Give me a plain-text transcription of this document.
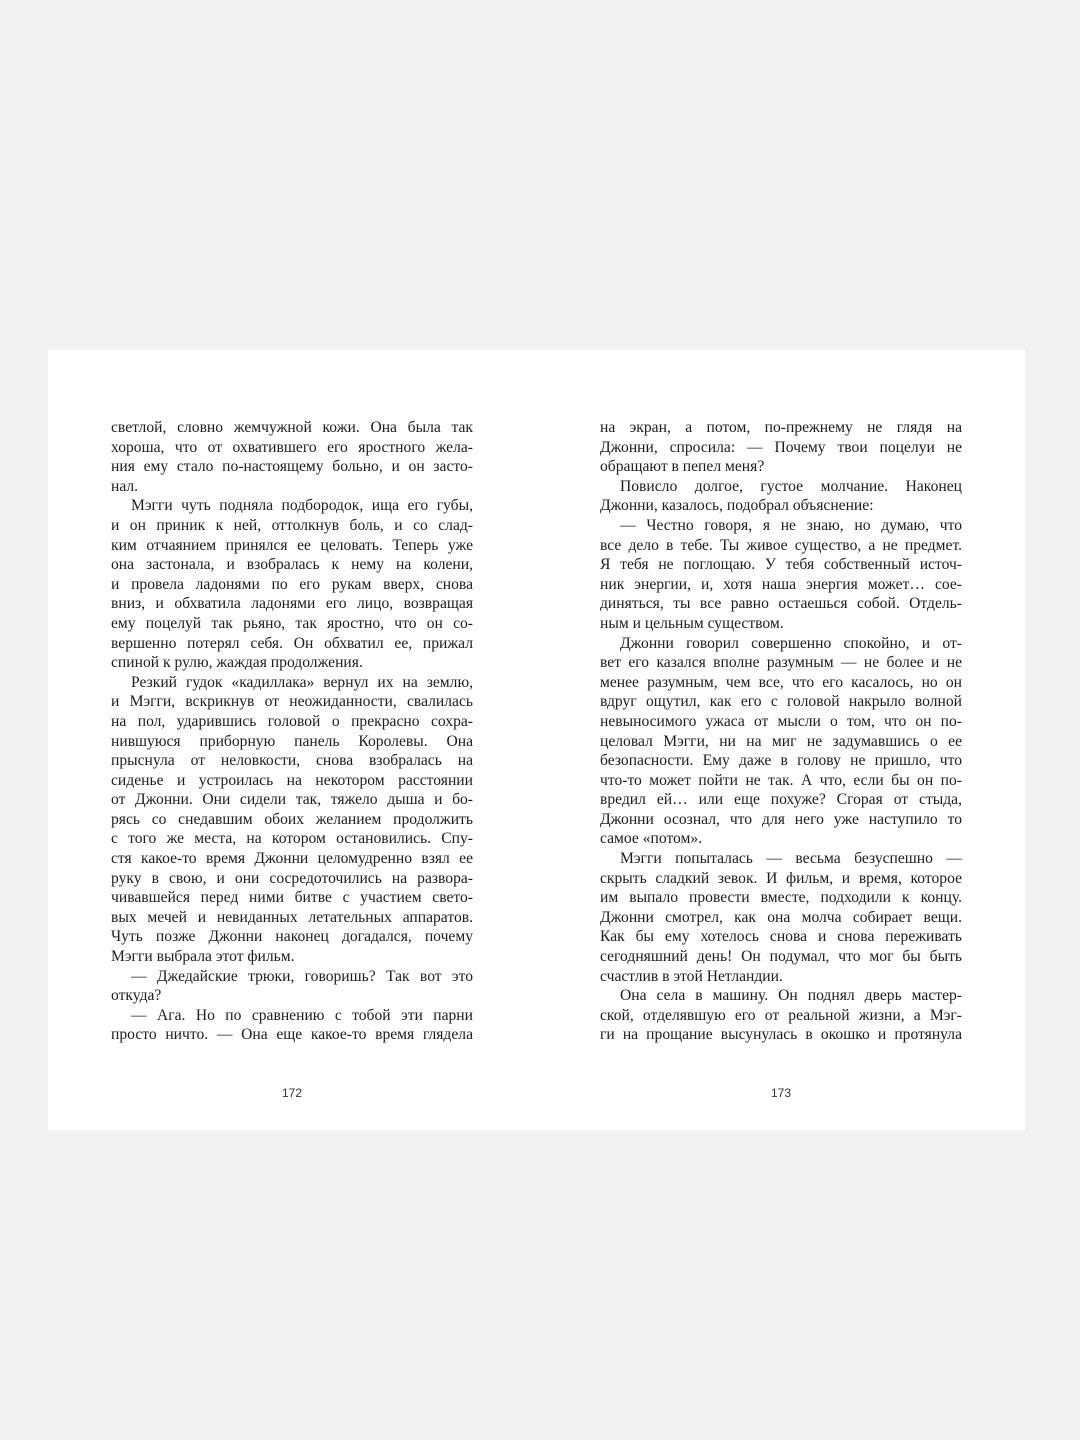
светлой, словно жемчужной кожи. Она была так
хороша, что от охватившего его яростного жела-
ния ему стало по-настоящему больно, и он засто-
нал.
Мэгги чуть подняла подбородок, ища его губы,
и он приник к ней, оттолкнув боль, и со слад-
ким отчаянием принялся ее целовать. Теперь уже
она застонала, и взобралась к нему на колени,
и провела ладонями по его рукам вверх, снова
вниз, и обхватила ладонями его лицо, возвращая
ему поцелуй так рьяно, так яростно, что он со-
вершенно потерял себя. Он обхватил ее, прижал
спиной к рулю, жаждая продолжения.
Резкий гудок «кадиллака» вернул их на землю,
и Мэгги, вскрикнув от неожиданности, свалилась
на пол, ударившись головой о прекрасно сохра-
нившуюся приборную панель Королевы. Она
прыснула от неловкости, снова взобралась на
сиденье и устроилась на некотором расстоянии
от Джонни. Они сидели так, тяжело дыша и бо-
рясь со снедавшим обоих желанием продолжить
с того же места, на котором остановились. Спу-
стя какое-то время Джонни целомудренно взял ее
руку в свою, и они сосредоточились на развора-
чивавшейся перед ними битве с участием свето-
вых мечей и невиданных летательных аппаратов.
Чуть позже Джонни наконец догадался, почему
Мэгги выбрала этот фильм.
— Джедайские трюки, говоришь? Так вот это
откуда?
— Ага. Но по сравнению с тобой эти парни
просто ничто. — Она еще какое-то время глядела
на экран, а потом, по-прежнему не глядя на
Джонни, спросила: — Почему твои поцелуи не
обращают в пепел меня?
Повисло долгое, густое молчание. Наконец
Джонни, казалось, подобрал объяснение:
— Честно говоря, я не знаю, но думаю, что
все дело в тебе. Ты живое существо, а не предмет.
Я тебя не поглощаю. У тебя собственный источ-
ник энергии, и, хотя наша энергия может… сое-
диняться, ты все равно остаешься собой. Отдель-
ным и цельным существом.
Джонни говорил совершенно спокойно, и от-
вет его казался вполне разумным — не более и не
менее разумным, чем все, что его касалось, но он
вдруг ощутил, как его с головой накрыло волной
невыносимого ужаса от мысли о том, что он по-
целовал Мэгги, ни на миг не задумавшись о ее
безопасности. Ему даже в голову не пришло, что
что-то может пойти не так. А что, если бы он по-
вредил ей… или еще похуже? Сгорая от стыда,
Джонни осознал, что для него уже наступило то
самое «потом».
Мэгги попыталась — весьма безуспешно —
скрыть сладкий зевок. И фильм, и время, которое
им выпало провести вместе, подходили к концу.
Джонни смотрел, как она молча собирает вещи.
Как бы ему хотелось снова и снова переживать
сегодняшний день! Он подумал, что мог бы быть
счастлив в этой Нетландии.
Она села в машину. Он поднял дверь мастер-
ской, отделявшую его от реальной жизни, а Мэг-
ги на прощание высунулась в окошко и протянула
172	173
